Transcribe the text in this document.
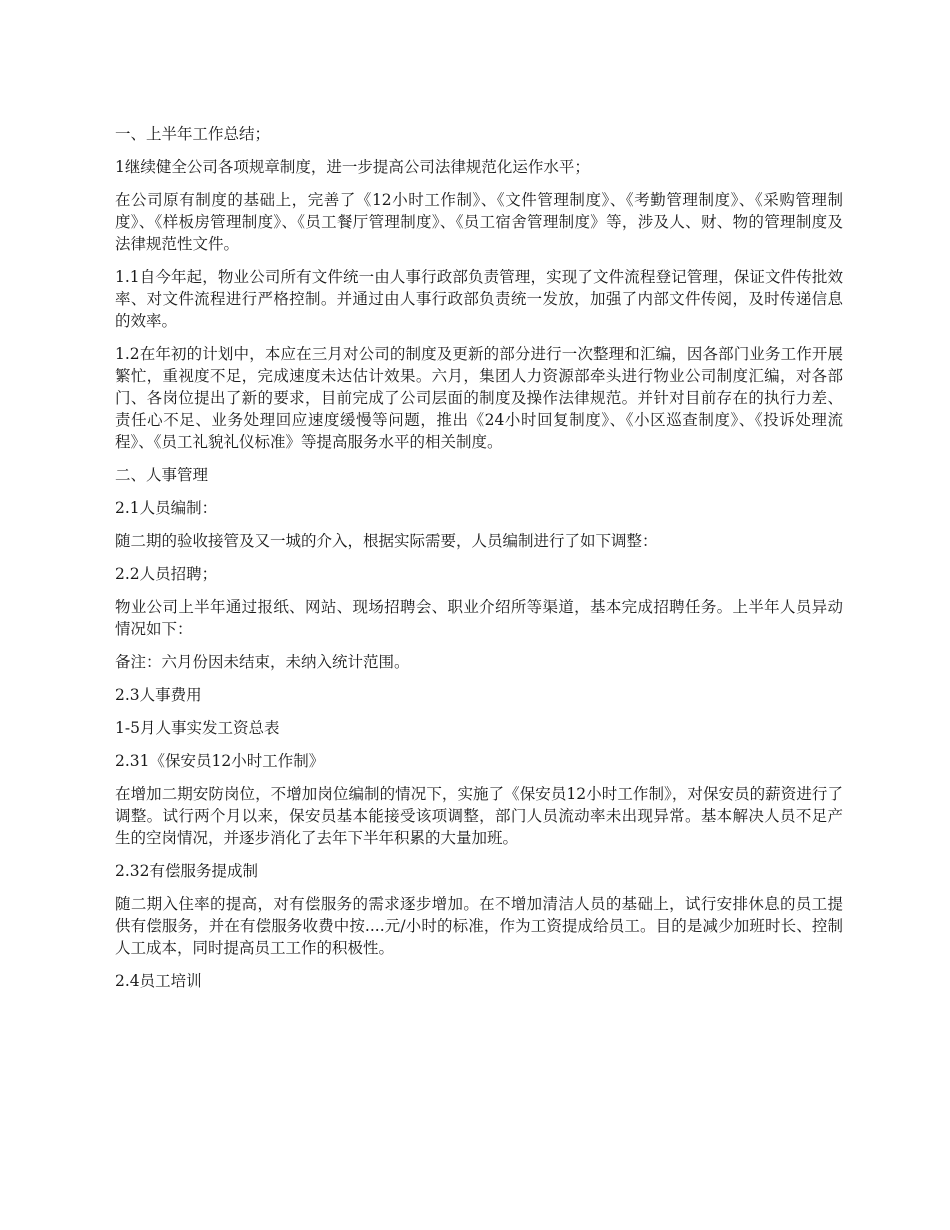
一、上半年工作总结；

1继续健全公司各项规章制度，进一步提高公司法律规范化运作水平；

在公司原有制度的基础上，完善了《12小时工作制》、《文件管理制度》、《考勤管理制度》、《采购管理制度》、《样板房管理制度》、《员工餐厅管理制度》、《员工宿舍管理制度》等，涉及人、财、物的管理制度及法律规范性文件。

1.1自今年起，物业公司所有文件统一由人事行政部负责管理，实现了文件流程登记管理，保证文件传批效率、对文件流程进行严格控制。并通过由人事行政部负责统一发放，加强了内部文件传阅，及时传递信息的效率。

1.2在年初的计划中，本应在三月对公司的制度及更新的部分进行一次整理和汇编，因各部门业务工作开展繁忙，重视度不足，完成速度未达估计效果。六月，集团人力资源部牵头进行物业公司制度汇编，对各部门、各岗位提出了新的要求，目前完成了公司层面的制度及操作法律规范。并针对目前存在的执行力差、责任心不足、业务处理回应速度缓慢等问题，推出《24小时回复制度》、《小区巡查制度》、《投诉处理流程》、《员工礼貌礼仪标准》等提高服务水平的相关制度。

二、人事管理

2.1人员编制：

随二期的验收接管及又一城的介入，根据实际需要，人员编制进行了如下调整：

2.2人员招聘；

物业公司上半年通过报纸、网站、现场招聘会、职业介绍所等渠道，基本完成招聘任务。上半年人员异动情况如下：

备注：六月份因未结束，未纳入统计范围。

2.3人事费用

1-5月人事实发工资总表

2.31《保安员12小时工作制》

在增加二期安防岗位，不增加岗位编制的情况下，实施了《保安员12小时工作制》，对保安员的薪资进行了调整。试行两个月以来，保安员基本能接受该项调整，部门人员流动率未出现异常。基本解决人员不足产生的空岗情况，并逐步消化了去年下半年积累的大量加班。

2.32有偿服务提成制

随二期入住率的提高，对有偿服务的需求逐步增加。在不增加清洁人员的基础上，试行安排休息的员工提供有偿服务，并在有偿服务收费中按....元/小时的标准，作为工资提成给员工。目的是减少加班时长、控制人工成本，同时提高员工工作的积极性。

2.4员工培训
